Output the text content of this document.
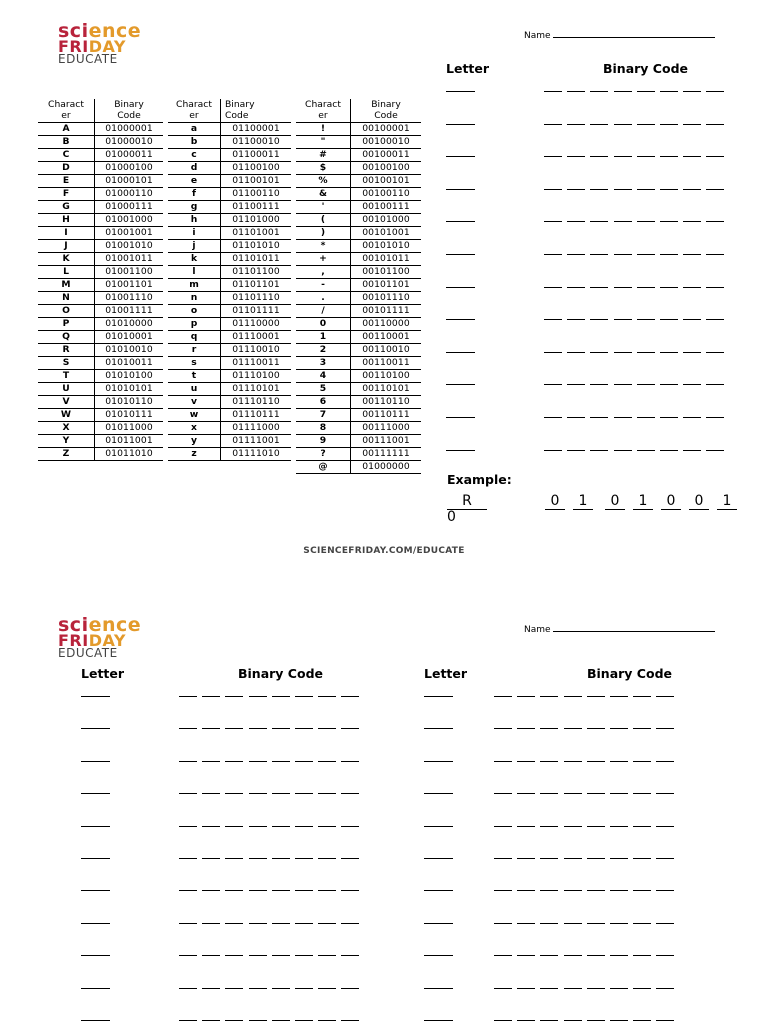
science
FRIDAY
EDUCATE
Name
Charact
er	Binary
Code
A	01000001
B	01000010
C	01000011
D	01000100
E	01000101
F	01000110
G	01000111
H	01001000
I	01001001
J	01001010
K	01001011
L	01001100
M	01001101
N	01001110
O	01001111
P	01010000
Q	01010001
R	01010010
S	01010011
T	01010100
U	01010101
V	01010110
W	01010111
X	01011000
Y	01011001
Z	01011010
Charact
er	Binary
Code
a	01100001
b	01100010
c	01100011
d	01100100
e	01100101
f	01100110
g	01100111
h	01101000
i	01101001
j	01101010
k	01101011
l	01101100
m	01101101
n	01101110
o	01101111
p	01110000
q	01110001
r	01110010
s	01110011
t	01110100
u	01110101
v	01110110
w	01110111
x	01111000
y	01111001
z	01111010
Charact
er	Binary
Code
!	00100001
"	00100010
#	00100011
$	00100100
%	00100101
&	00100110
'	00100111
(	00101000
)	00101001
*	00101010
+	00101011
,	00101100
-	00101101
.	00101110
/	00101111
0	00110000
1	00110001
2	00110010
3	00110011
4	00110100
5	00110101
6	00110110
7	00110111
8	00111000
9	00111001
?	00111111
@	01000000
Letter	Binary Code
Example:
R	0	1	0	1	0	0	1
0
SCIENCEFRIDAY.COM/EDUCATE
science
FRIDAY
EDUCATE
Name
Letter	Binary Code	Letter	Binary Code
